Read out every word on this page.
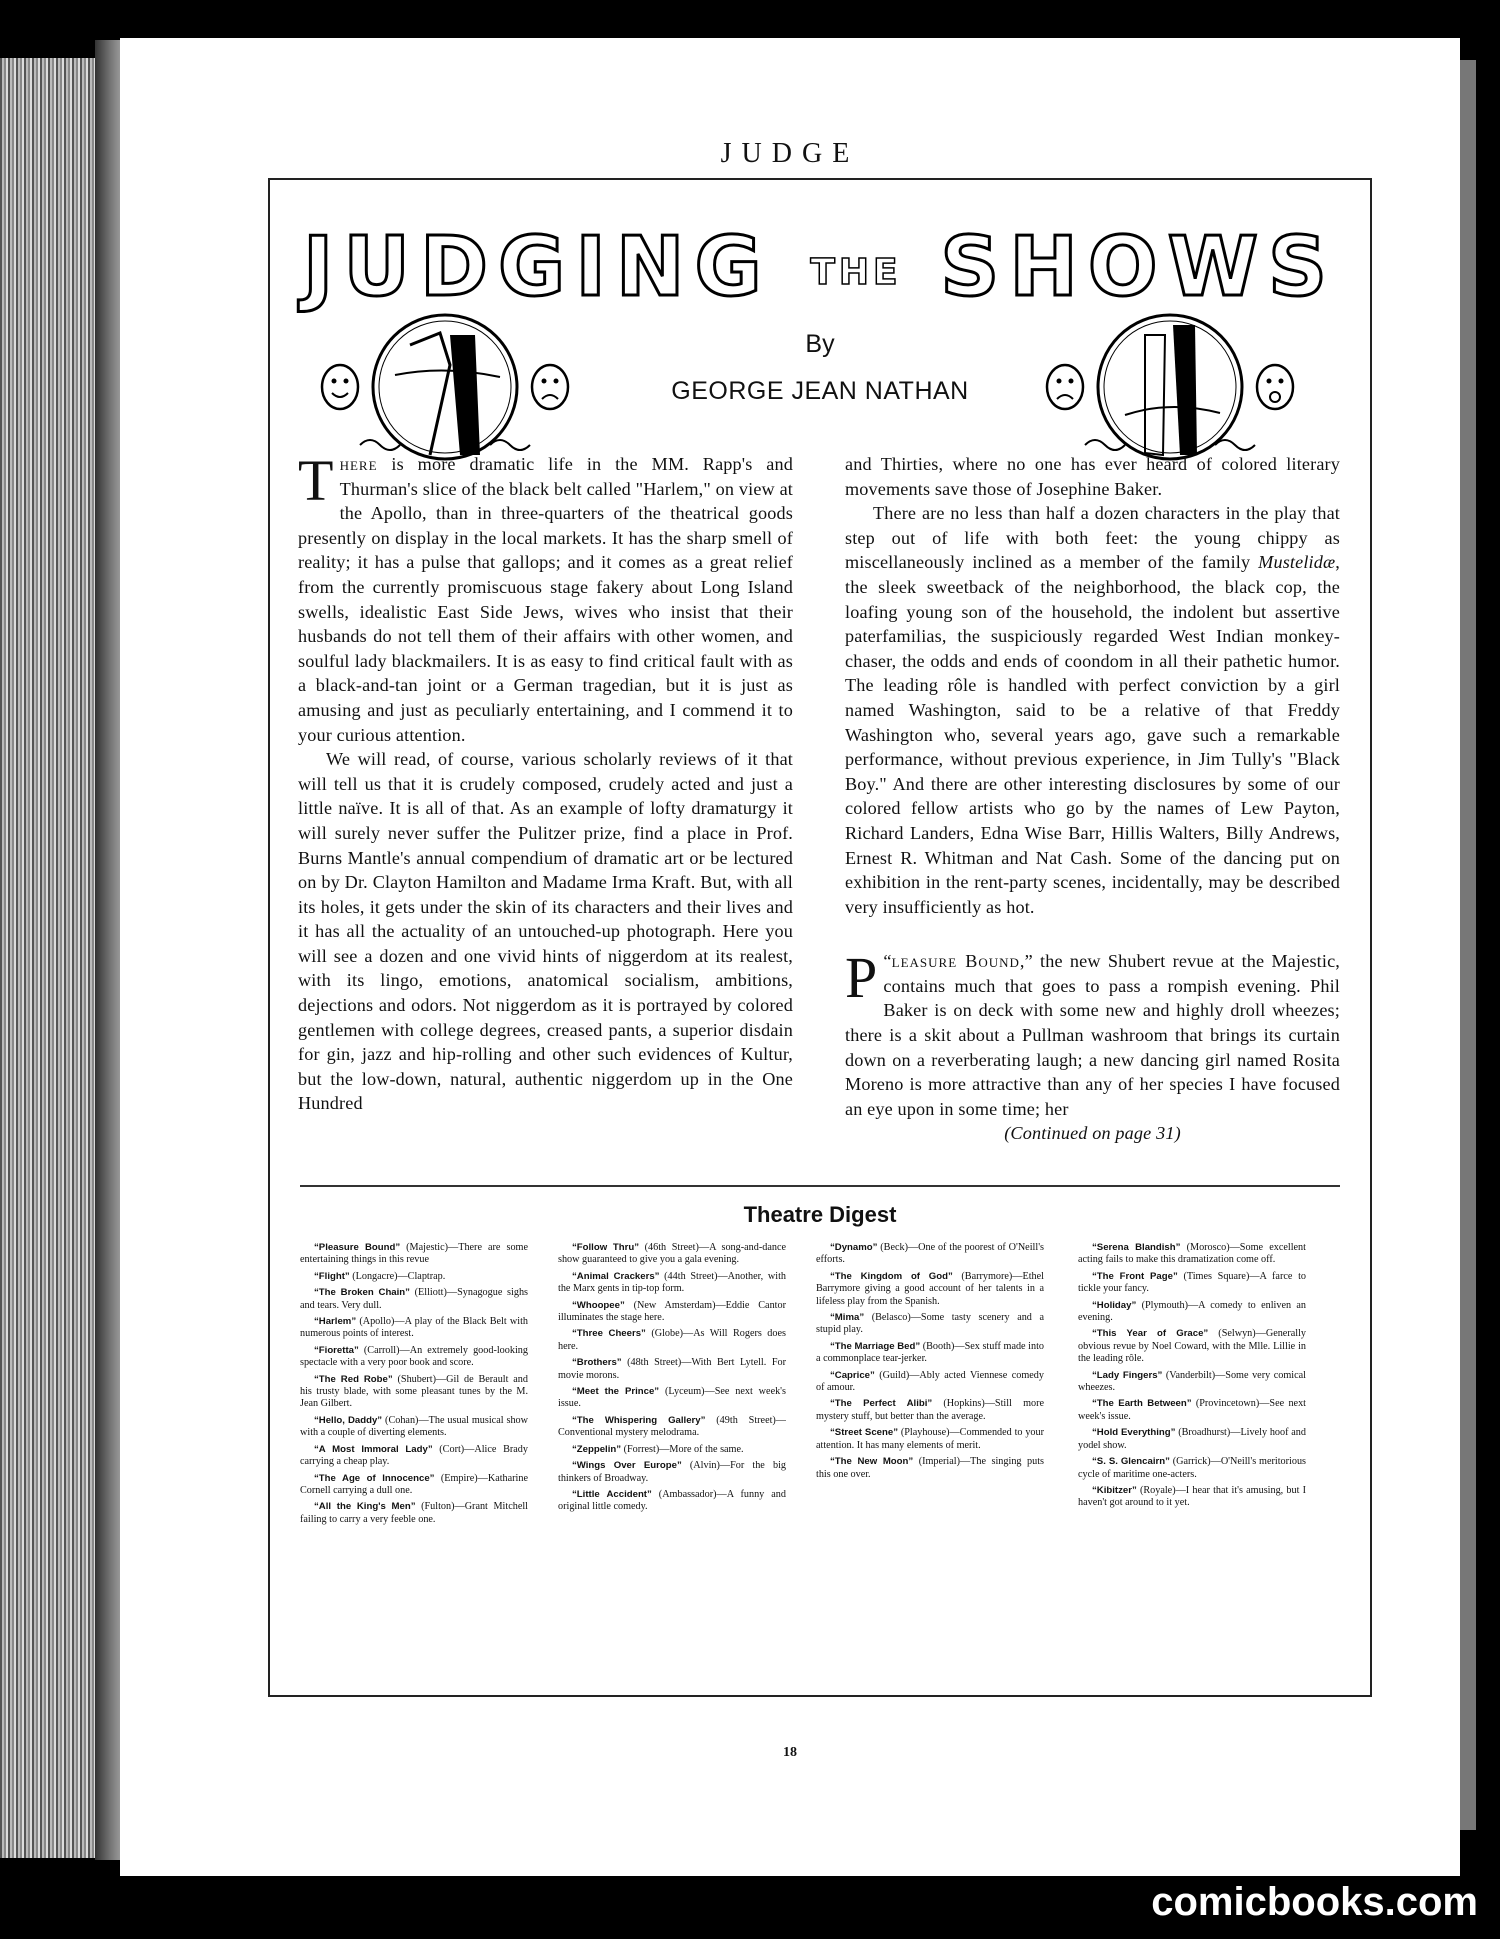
JUDGE
JUDGING THE SHOWS
By
GEORGE JEAN NATHAN

There is more dramatic life in the MM. Rapp's and Thurman's slice of the black belt called "Harlem," on view at the Apollo, than in three-quarters of the theatrical goods presently on display in the local markets. It has the sharp smell of reality; it has a pulse that gallops; and it comes as a great relief from the currently promiscuous stage fakery about Long Island swells, idealistic East Side Jews, wives who insist that their husbands do not tell them of their affairs with other women, and soulful lady blackmailers. It is as easy to find critical fault with as a black-and-tan joint or a German tragedian, but it is just as amusing and just as peculiarly entertaining, and I commend it to your curious attention.

We will read, of course, various scholarly reviews of it that will tell us that it is crudely composed, crudely acted and just a little naïve. It is all of that. As an example of lofty dramaturgy it will surely never suffer the Pulitzer prize, find a place in Prof. Burns Mantle's annual compendium of dramatic art or be lectured on by Dr. Clayton Hamilton and Madame Irma Kraft. But, with all its holes, it gets under the skin of its characters and their lives and it has all the actuality of an untouched-up photograph. Here you will see a dozen and one vivid hints of niggerdom at its realest, with its lingo, emotions, anatomical socialism, ambitions, dejections and odors. Not niggerdom as it is portrayed by colored gentlemen with college degrees, creased pants, a superior disdain for gin, jazz and hip-rolling and other such evidences of Kultur, but the low-down, natural, authentic niggerdom up in the One Hundred

and Thirties, where no one has ever heard of colored literary movements save those of Josephine Baker.

There are no less than half a dozen characters in the play that step out of life with both feet: the young chippy as miscellaneously inclined as a member of the family Mustelidæ, the sleek sweetback of the neighborhood, the black cop, the loafing young son of the household, the indolent but assertive paterfamilias, the suspiciously regarded West Indian monkey-chaser, the odds and ends of coondom in all their pathetic humor. The leading rôle is handled with perfect conviction by a girl named Washington, said to be a relative of that Freddy Washington who, several years ago, gave such a remarkable performance, without previous experience, in Jim Tully's "Black Boy." And there are other interesting disclosures by some of our colored fellow artists who go by the names of Lew Payton, Richard Landers, Edna Wise Barr, Hillis Walters, Billy Andrews, Ernest R. Whitman and Nat Cash. Some of the dancing put on exhibition in the rent-party scenes, incidentally, may be described very insufficiently as hot.

“
P leasure Bound,” the new Shubert revue at the Majestic, contains much that goes to pass a rompish evening. Phil Baker is on deck with some new and highly droll wheezes; there is a skit about a Pullman washroom that brings its curtain down on a reverberating laugh; a new dancing girl named Rosita Moreno is more attractive than any of her species I have focused an eye upon in some time; her

(Continued on page 31)

Theatre Digest
“Pleasure Bound” (Majestic)—There are some entertaining things in this revue
“Flight” (Longacre)—Claptrap.
“The Broken Chain” (Elliott)—Synagogue sighs and tears. Very dull.
“Harlem” (Apollo)—A play of the Black Belt with numerous points of interest.
“Fioretta” (Carroll)—An extremely good-looking spectacle with a very poor book and score.
“The Red Robe” (Shubert)—Gil de Berault and his trusty blade, with some pleasant tunes by the M. Jean Gilbert.
“Hello, Daddy” (Cohan)—The usual musical show with a couple of diverting elements.
“A Most Immoral Lady” (Cort)—Alice Brady carrying a cheap play.
“The Age of Innocence” (Empire)—Katharine Cornell carrying a dull one.
“All the King's Men” (Fulton)—Grant Mitchell failing to carry a very feeble one.
“Follow Thru” (46th Street)—A song-and-dance show guaranteed to give you a gala evening.
“Animal Crackers” (44th Street)—Another, with the Marx gents in tip-top form.
“Whoopee” (New Amsterdam)—Eddie Cantor illuminates the stage here.
“Three Cheers” (Globe)—As Will Rogers does here.
“Brothers” (48th Street)—With Bert Lytell. For movie morons.
“Meet the Prince” (Lyceum)—See next week's issue.
“The Whispering Gallery” (49th Street)—Conventional mystery melodrama.
“Zeppelin” (Forrest)—More of the same.
“Wings Over Europe” (Alvin)—For the big thinkers of Broadway.
“Little Accident” (Ambassador)—A funny and original little comedy.
“Dynamo” (Beck)—One of the poorest of O'Neill's efforts.
“The Kingdom of God” (Barrymore)—Ethel Barrymore giving a good account of her talents in a lifeless play from the Spanish.
“Mima” (Belasco)—Some tasty scenery and a stupid play.
“The Marriage Bed” (Booth)—Sex stuff made into a commonplace tear-jerker.
“Caprice” (Guild)—Ably acted Viennese comedy of amour.
“The Perfect Alibi” (Hopkins)—Still more mystery stuff, but better than the average.
“Street Scene” (Playhouse)—Commended to your attention. It has many elements of merit.
“The New Moon” (Imperial)—The singing puts this one over.
“Serena Blandish” (Morosco)—Some excellent acting fails to make this dramatization come off.
“The Front Page” (Times Square)—A farce to tickle your fancy.
“Holiday” (Plymouth)—A comedy to enliven an evening.
“This Year of Grace” (Selwyn)—Generally obvious revue by Noel Coward, with the Mlle. Lillie in the leading rôle.
“Lady Fingers” (Vanderbilt)—Some very comical wheezes.
“The Earth Between” (Provincetown)—See next week's issue.
“Hold Everything” (Broadhurst)—Lively hoof and yodel show.
“S. S. Glencairn” (Garrick)—O'Neill's meritorious cycle of maritime one-acters.
“Kibitzer” (Royale)—I hear that it's amusing, but I haven't got around to it yet.
18
comicbooks.com
